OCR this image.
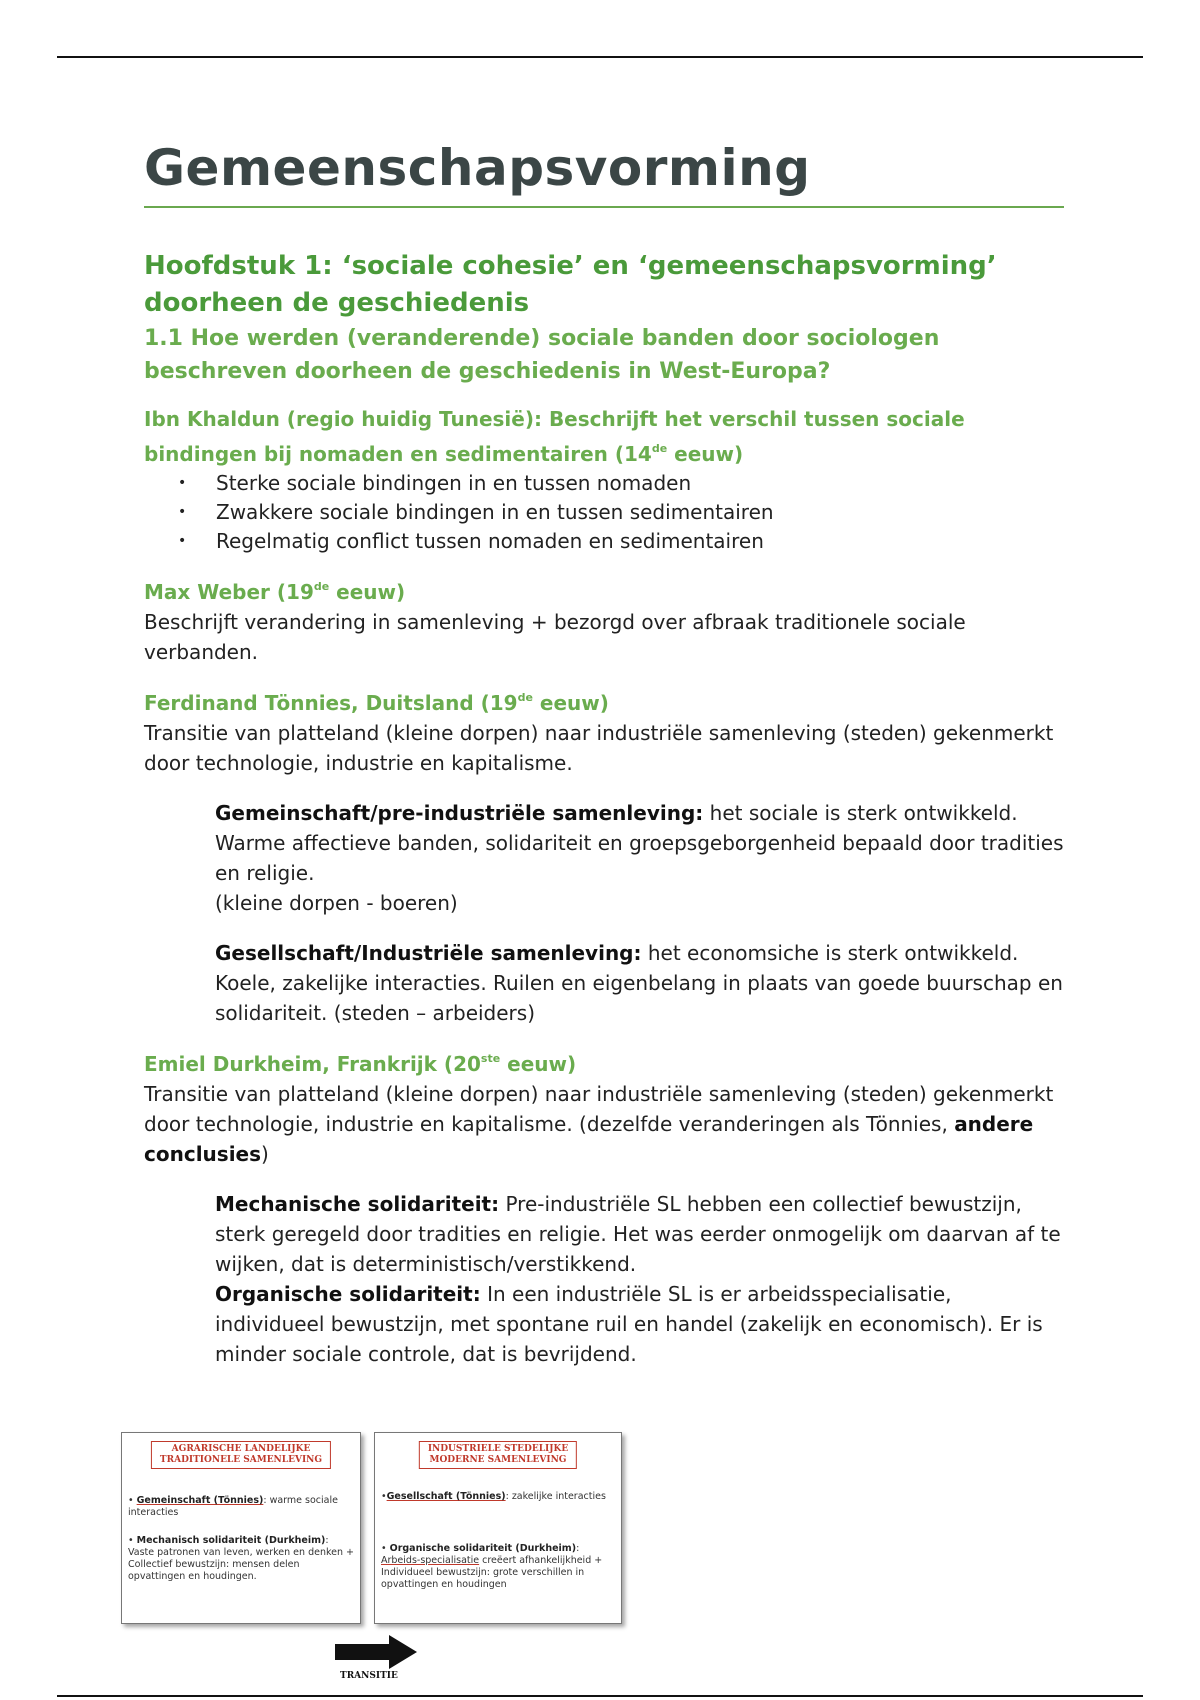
Gemeenschapsvorming
Hoofdstuk 1: ‘sociale cohesie’ en ‘gemeenschapsvorming’ doorheen de geschiedenis
1.1 Hoe werden (veranderende) sociale banden door sociologen beschreven doorheen de geschiedenis in West-Europa?
Ibn Khaldun (regio huidig Tunesië): Beschrijft het verschil tussen sociale bindingen bij nomaden en sedimentairen (14de eeuw)
• Sterke sociale bindingen in en tussen nomaden
• Zwakkere sociale bindingen in en tussen sedimentairen
• Regelmatig conflict tussen nomaden en sedimentairen
Max Weber (19de eeuw)

Beschrijft verandering in samenleving + bezorgd over afbraak traditionele sociale verbanden.

Ferdinand Tönnies, Duitsland (19de eeuw)

Transitie van platteland (kleine dorpen) naar industriële samenleving (steden) gekenmerkt door technologie, industrie en kapitalisme.

Gemeinschaft/pre-industriële samenleving: het sociale is sterk ontwikkeld. Warme affectieve banden, solidariteit en groepsgeborgenheid bepaald door tradities en religie.

(kleine dorpen - boeren)

Gesellschaft/Industriële samenleving: het economsiche is sterk ontwikkeld. Koele, zakelijke interacties. Ruilen en eigenbelang in plaats van goede buurschap en solidariteit. (steden – arbeiders)

Emiel Durkheim, Frankrijk (20ste eeuw)

Transitie van platteland (kleine dorpen) naar industriële samenleving (steden) gekenmerkt door technologie, industrie en kapitalisme. (dezelfde veranderingen als Tönnies, andere conclusies)

Mechanische solidariteit: Pre-industriële SL hebben een collectief bewustzijn, sterk geregeld door tradities en religie. Het was eerder onmogelijk om daarvan af te wijken, dat is deterministisch/verstikkend.

Organische solidariteit: In een industriële SL is er arbeidsspecialisatie, individueel bewustzijn, met spontane ruil en handel (zakelijk en economisch). Er is minder sociale controle, dat is bevrijdend.

AGRARISCHE LANDELIJKE
TRADITIONELE SAMENLEVING
• Gemeinschaft (Tönnies): warme sociale interacties
• Mechanisch solidariteit (Durkheim): Vaste patronen van leven, werken en denken + Collectief bewustzijn: mensen delen opvattingen en houdingen.
INDUSTRIELE STEDELIJKE
MODERNE SAMENLEVING
•Gesellschaft (Tönnies): zakelijke interacties
• Organische solidariteit (Durkheim):
Arbeids-specialisatie creëert afhankelijkheid +
Individueel bewustzijn: grote verschillen in opvattingen en houdingen
TRANSITIE
